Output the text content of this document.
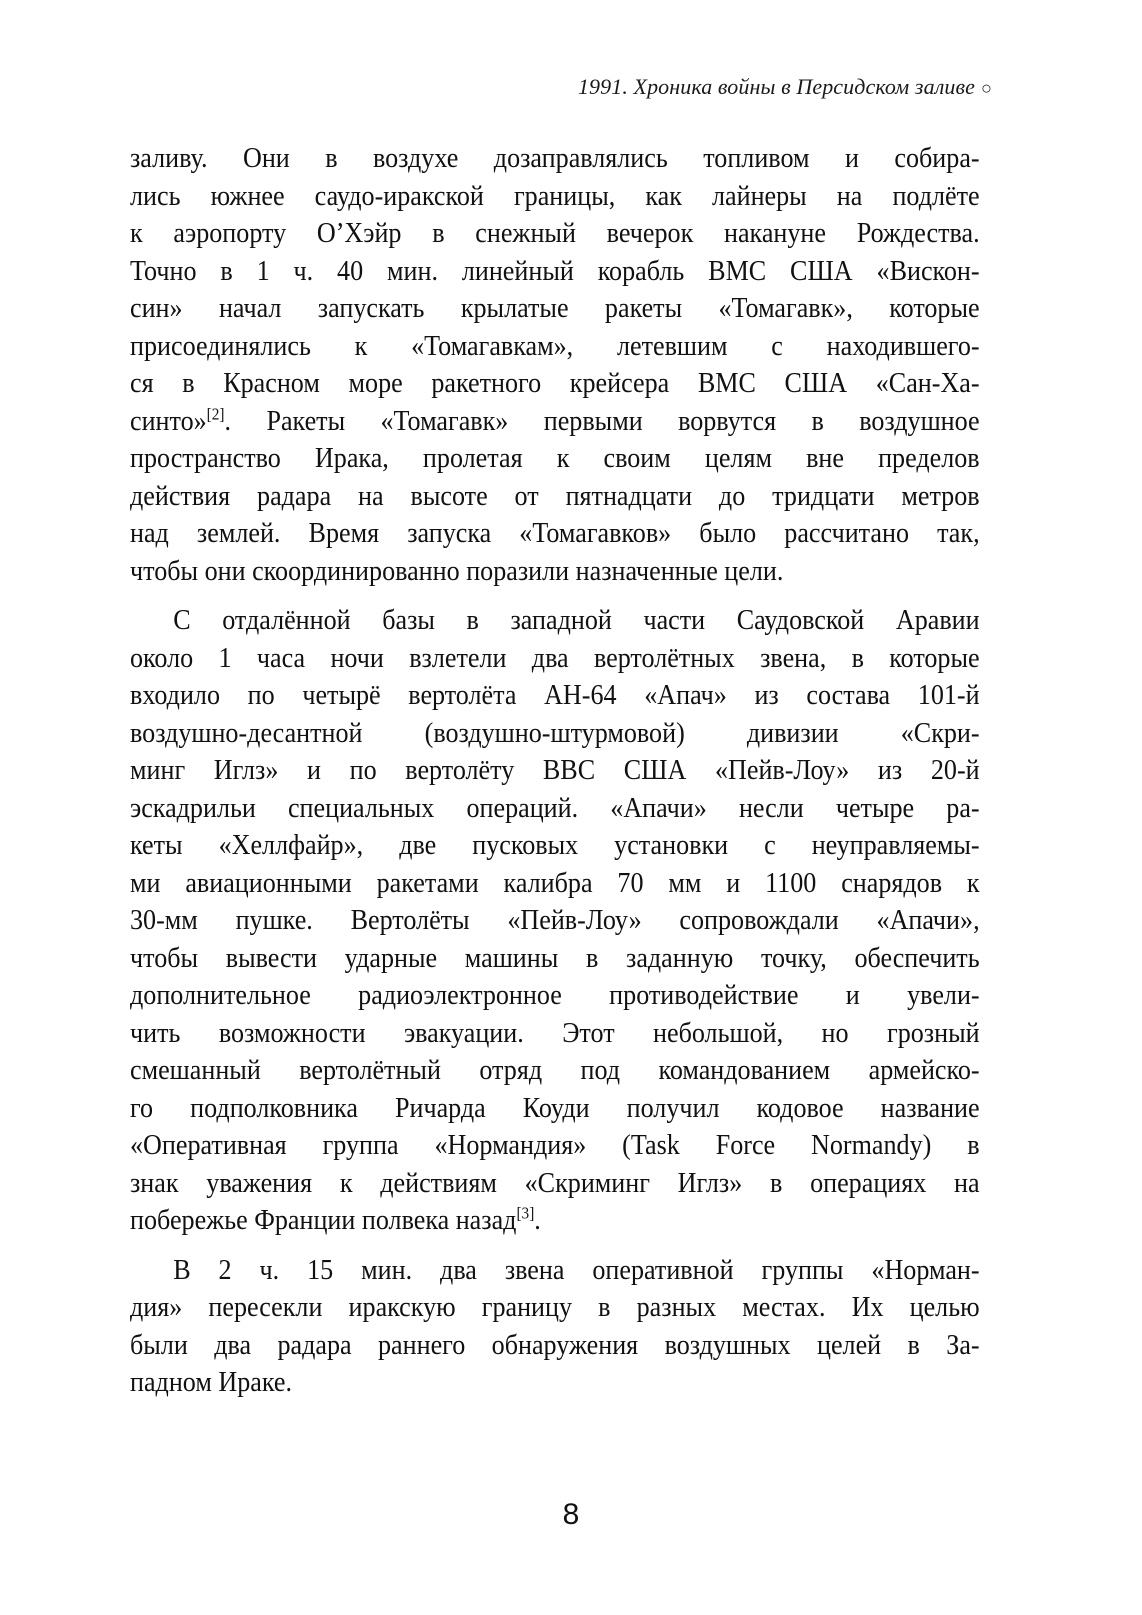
1991. Хроника войны в Персидском заливе ○
заливу. Они в воздухе дозаправлялись топливом и собира-
лись южнее саудо-иракской границы, как лайнеры на подлёте
к аэропорту О’Хэйр в снежный вечерок накануне Рождества.
Точно в 1 ч. 40 мин. линейный корабль ВМС США «Вискон-
син» начал запускать крылатые ракеты «Томагавк», которые
присоединялись к «Томагавкам», летевшим с находившего-
ся в Красном море ракетного крейсера ВМС США «Сан-Ха-
синто»[2]. Ракеты «Томагавк» первыми ворвутся в воздушное
пространство Ирака, пролетая к своим целям вне пределов
действия радара на высоте от пятнадцати до тридцати метров
над землей. Время запуска «Томагавков» было рассчитано так,
чтобы они скоординированно поразили назначенные цели.
С отдалённой базы в западной части Саудовской Аравии
около 1 часа ночи взлетели два вертолётных звена, в которые
входило по четырё вертолёта АН-64 «Апач» из состава 101-й
воздушно-десантной (воздушно-штурмовой) дивизии «Скри-
минг Иглз» и по вертолёту ВВС США «Пейв-Лоу» из 20-й
эскадрильи специальных операций. «Апачи» несли четыре ра-
кеты «Хеллфайр», две пусковых установки с неуправляемы-
ми авиационными ракетами калибра 70 мм и 1100 снарядов к
30-мм пушке. Вертолёты «Пейв-Лоу» сопровождали «Апачи»,
чтобы вывести ударные машины в заданную точку, обеспечить
дополнительное радиоэлектронное противодействие и увели-
чить возможности эвакуации. Этот небольшой, но грозный
смешанный вертолётный отряд под командованием армейско-
го подполковника Ричарда Коуди получил кодовое название
«Оперативная группа «Нормандия» (Task Force Normandy) в
знак уважения к действиям «Скриминг Иглз» в операциях на
побережье Франции полвека назад[3].
В 2 ч. 15 мин. два звена оперативной группы «Норман-
дия» пересекли иракскую границу в разных местах. Их целью
были два радара раннего обнаружения воздушных целей в За-
падном Ираке.
8
